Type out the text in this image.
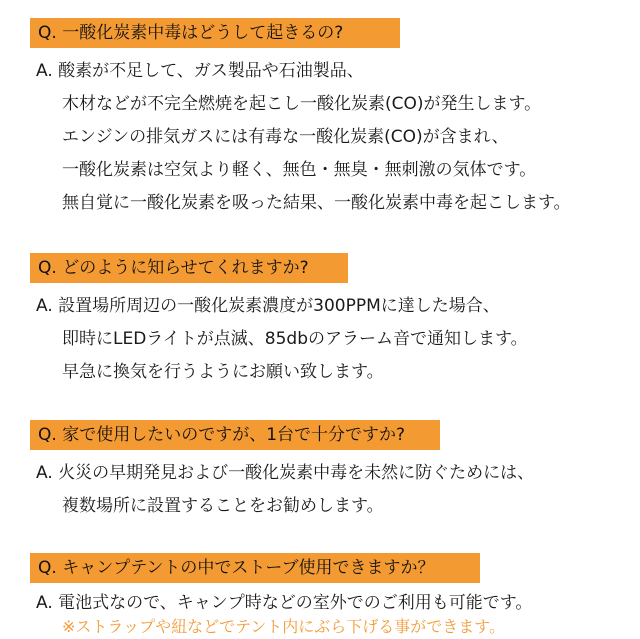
Q. 一酸化炭素中毒はどうして起きるの?
A. 酸素が不足して、ガス製品や石油製品、
木材などが不完全燃焼を起こし一酸化炭素(CO)が発生します。
エンジンの排気ガスには有毒な一酸化炭素(CO)が含まれ、
一酸化炭素は空気より軽く、無色・無臭・無刺激の気体です。
無自覚に一酸化炭素を吸った結果、一酸化炭素中毒を起こします。
Q. どのように知らせてくれますか?
A. 設置場所周辺の一酸化炭素濃度が300PPMに達した場合、
即時にLEDライトが点滅、85dbのアラーム音で通知します。
早急に換気を行うようにお願い致します。
Q. 家で使用したいのですが、1台で十分ですか?
A. 火災の早期発見および一酸化炭素中毒を未然に防ぐためには、
複数場所に設置することをお勧めします。
Q. キャンプテントの中でストーブ使用できますか？
A. 電池式なので、キャンプ時などの室外でのご利用も可能です。
※ストラップや紐などでテント内にぶら下げる事ができます。
